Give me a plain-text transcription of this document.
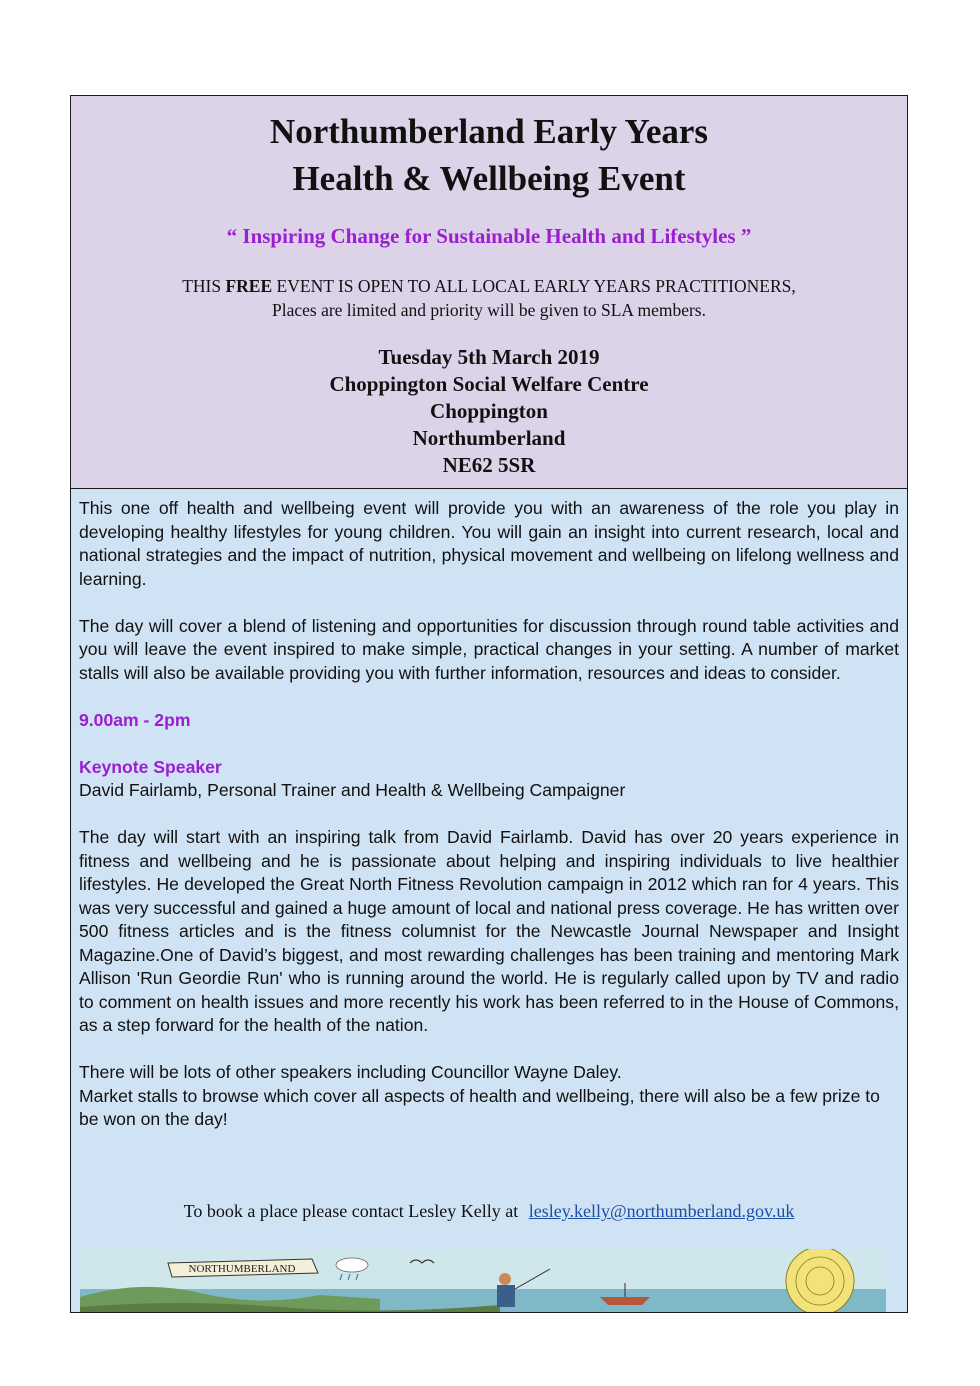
Northumberland Early Years
Health & Wellbeing Event
“ Inspiring Change for Sustainable Health and Lifestyles ”
THIS FREE EVENT IS OPEN TO ALL LOCAL EARLY YEARS PRACTITIONERS,
Places are limited and priority will be given to SLA members.
Tuesday 5th March 2019
Choppington Social Welfare Centre
Choppington
Northumberland
NE62 5SR

This one off health and wellbeing event will provide you with an awareness of the role you play in developing healthy lifestyles for young children. You will gain an insight into current research, local and national strategies and the impact of nutrition, physical movement and wellbeing on lifelong wellness and learning.

The day will cover a blend of listening and opportunities for discussion through round table activities and you will leave the event inspired to make simple, practical changes in your setting. A number of market stalls will also be available providing you with further information, resources and ideas to consider.

9.00am - 2pm

Keynote Speaker
David Fairlamb, Personal Trainer and Health & Wellbeing Campaigner

The day will start with an inspiring talk from David Fairlamb. David has over 20 years experience in fitness and wellbeing and he is passionate about helping and inspiring individuals to live healthier lifestyles. He developed the Great North Fitness Revolution campaign in 2012 which ran for 4 years. This was very successful and gained a huge amount of local and national press coverage. He has written over 500 fitness articles and is the fitness columnist for the Newcastle Journal Newspaper and Insight Magazine.One of David’s biggest, and most rewarding challenges has been training and mentoring Mark Allison 'Run Geordie Run' who is running around the world. He is regularly called upon by TV and radio to comment on health issues and more recently his work has been referred to in the House of Commons, as a step forward for the health of the nation.

There will be lots of other speakers including Councillor Wayne Daley.
Market stalls to browse which cover all aspects of health and wellbeing, there will also be a few prize to be won on the day!

To book a place please contact Lesley Kelly at lesley.kelly@northumberland.gov.uk
NORTHUMBERLAND
